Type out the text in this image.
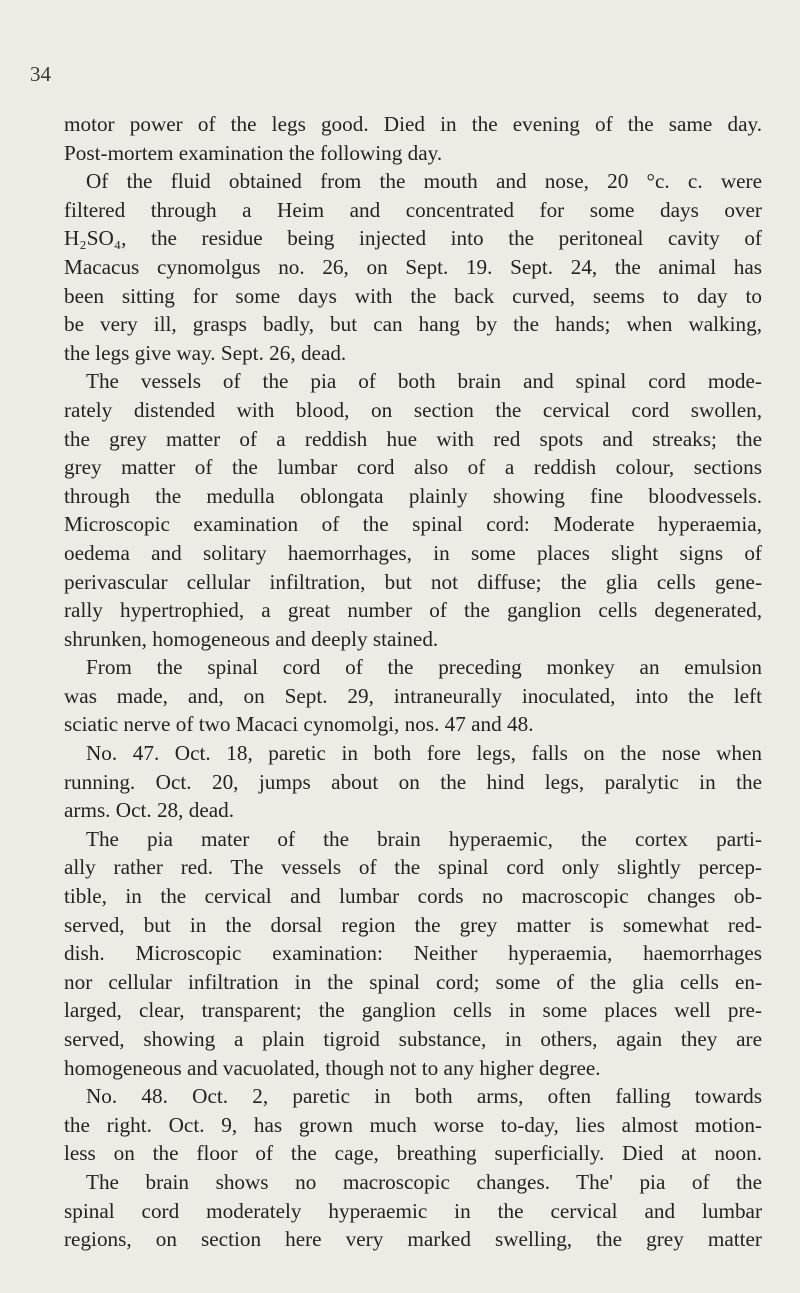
34
motor power of the legs good. Died in the evening of the same day.
Post-mortem examination the following day.
Of the fluid obtained from the mouth and nose, 20 °c. c. were
filtered through a Heim and concentrated for some days over
H₂SO₄, the residue being injected into the peritoneal cavity of
Macacus cynomolgus no. 26, on Sept. 19. Sept. 24, the animal has
been sitting for some days with the back curved, seems to day to
be very ill, grasps badly, but can hang by the hands; when walking,
the legs give way. Sept. 26, dead.
The vessels of the pia of both brain and spinal cord mode-
rately distended with blood, on section the cervical cord swollen,
the grey matter of a reddish hue with red spots and streaks; the
grey matter of the lumbar cord also of a reddish colour, sections
through the medulla oblongata plainly showing fine bloodvessels.
Microscopic examination of the spinal cord: Moderate hyperaemia,
oedema and solitary haemorrhages, in some places slight signs of
perivascular cellular infiltration, but not diffuse; the glia cells gene-
rally hypertrophied, a great number of the ganglion cells degenerated,
shrunken, homogeneous and deeply stained.
From the spinal cord of the preceding monkey an emulsion
was made, and, on Sept. 29, intraneurally inoculated, into the left
sciatic nerve of two Macaci cynomolgi, nos. 47 and 48.
No. 47. Oct. 18, paretic in both fore legs, falls on the nose when
running. Oct. 20, jumps about on the hind legs, paralytic in the
arms. Oct. 28, dead.
The pia mater of the brain hyperaemic, the cortex parti-
ally rather red. The vessels of the spinal cord only slightly percep-
tible, in the cervical and lumbar cords no macroscopic changes ob-
served, but in the dorsal region the grey matter is somewhat red-
dish. Microscopic examination: Neither hyperaemia, haemorrhages
nor cellular infiltration in the spinal cord; some of the glia cells en-
larged, clear, transparent; the ganglion cells in some places well pre-
served, showing a plain tigroid substance, in others, again they are
homogeneous and vacuolated, though not to any higher degree.
No. 48. Oct. 2, paretic in both arms, often falling towards
the right. Oct. 9, has grown much worse to-day, lies almost motion-
less on the floor of the cage, breathing superficially. Died at noon.
The brain shows no macroscopic changes. The' pia of the
spinal cord moderately hyperaemic in the cervical and lumbar
regions, on section here very marked swelling, the grey matter
